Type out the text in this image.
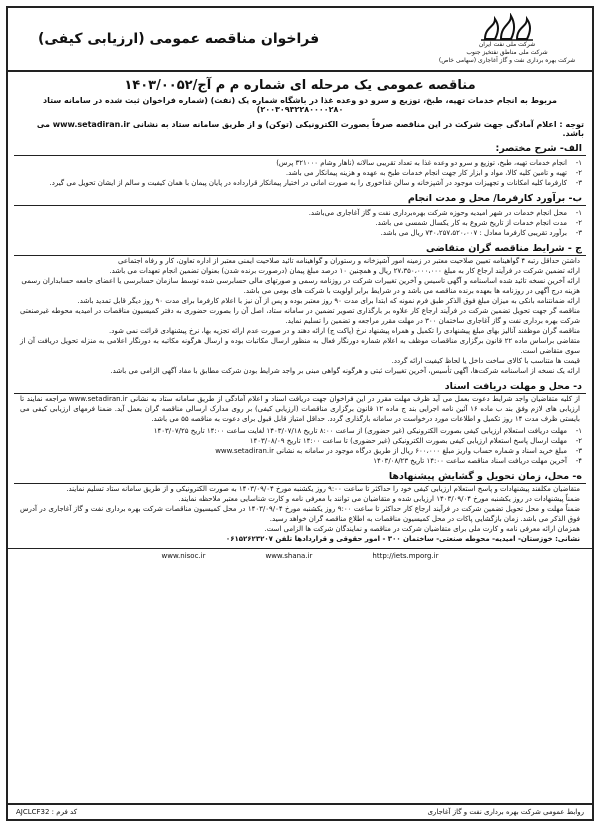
شرکت ملی نفت ایران
شرکت ملی مناطق نفتخیز جنوب
شرکت بهره برداری نفت و گاز آغاجاری (سهامی خاص)
فراخوان مناقصه عمومی (ارزیابی کیفی)
مناقصه عمومی یک مرحله ای شماره م م آج/۱۴۰۳/۰۰۵۲
مربوط به انجام خدمات تهیه، طبخ، توزیع و سرو دو وعده غذا در باشگاه شماره یک (نفت) (شماره فراخوان ثبت شده در سامانه ستاد ۲۰۰۳۰۹۳۲۲۸۰۰۰۰۲۸۰)
توجه : اعلام آمادگی جهت شرکت در این مناقصه صرفاً بصورت الکترونیکی (توکن) و از طریق سامانه ستاد به نشانی www.setadiran.ir می باشد.
الف- شرح مختصر:
۱-
انجام خدمات تهیه، طبخ، توزیع و سرو دو وعده غذا به تعداد تقریبی سالانه (ناهار وشام ۳۲۱۰۰۰ پرس)
۲-
تهیه و تامین کلیه کالا، مواد و ابزار کار جهت انجام خدمات طبخ به عهده و هزینه پیمانکار می باشد.
۳-
کارفرما کلیه امکانات و تجهیزات موجود در آشپزخانه و سالن غذاخوری را به صورت امانی در اختیار پیمانکار قرارداده در پایان پیمان با همان کیفیت و سالم از ایشان تحویل می گیرد.
ب- برآورد کارفرما/ محل و مدت انجام
۱-
محل انجام خدمات در شهر امیدیه وحوزه شرکت بهره‌برداری نفت و گاز آغاجاری می‌باشد.
۲-
مدت انجام خدمات از تاریخ شروع به کار یکسال شمسی می باشد.
۳-
برآورد تقریبی کارفرما معادل : ۷۴۰،۲۵۷،۵۲۰،۰۰۷ ریال می باشد.
ج - شرایط مناقصه گران متقاضی
داشتن حداقل رتبه ۴ گواهینامه تعیین صلاحیت معتبر در زمینه امور آشپزخانه و رستوران و گواهینامه تائید صلاحیت ایمنی معتبر از اداره تعاون، کار و رفاه اجتماعی
ارائه تضمین شرکت در فرآیند ارجاع کار به مبلغ ۲۷،۳۵۰،۰۰۰،۰۰۰ ریال و همچنین ۱۰ درصد مبلغ پیمان (درصورت برنده شدن) بعنوان تضمین انجام تعهدات می باشد.
ارائه آخرین نسخه تائید شده اساسنامه و آگهی تاسیس و آخرین تغییرات شرکت در روزنامه رسمی و صورتهای مالی حسابرسی شده توسط سازمان حسابرسی یا اعضای جامعه حسابداران رسمی
هزینه درج آگهی در روزنامه ها بعهده برنده مناقصه می باشد و در شرایط برابر اولویت با شرکت های بومی می باشد.
ارائه ضمانتنامه بانکی به میزان مبلغ فوق الذکر طبق فرم نمونه که ابتدا برای مدت ۹۰ روز معتبر بوده و پس از آن نیز با اعلام کارفرما برای مدت ۹۰ روز دیگر قابل تمدید باشد.
مناقصه گر جهت تحویل تضمین شرکت در فرآیند ارجاع کار علاوه بر بارگذاری تصویر تضمین در سامانه ستاد، اصل آن را بصورت حضوری به دفتر کمیسیون مناقصات در امیدیه محوطه غیرصنعتی شرکت بهره برداری نفت و گاز آغاجاری ساختمان ۳۰۰ در مهلت مقرر مراجعه و تضمین را تسلیم نماید.
مناقصه گران موظفند آنالیز بهای مبلغ پیشنهادی را تکمیل و همراه پیشنهاد نرخ (پاکت ج) ارائه دهند و در صورت عدم ارائه تجزیه بها، نرخ پیشنهادی قرائت نمی شود.
متقاضی براساس ماده ۲۲ قانون برگزاری مناقصات موظف به اعلام شماره دورنگار فعال به منظور ارسال مکاتبات بوده و ارسال هرگونه مکاتبه به دورنگار اعلامی به منزله تحویل دریافت آن از سوی متقاضی است.
قیمت ها متناسب با کالای ساخت داخل یا لحاظ کیفیت ارائه گردد.
ارائه یک نسخه از اساسنامه شرکت‌ها، آگهی تأسیس، آخرین تغییرات ثبتی و هرگونه گواهی مبنی بر واجد شرایط بودن شرکت مطابق با مفاد آگهی الزامی می باشد.
د- محل و مهلت دریافت اسناد
از کلیه متقاضیان واجد شرایط دعوت بعمل می آید ظرف مهلت مقرر در این فراخوان جهت دریافت اسناد و اعلام آمادگی از طریق سامانه ستاد به نشانی www.setadiran.ir مراجعه نمایند تا ارزیابی های لازم وفق بند ب ماده ۱۶ آئین نامه اجرایی بند ج ماده ۱۲ قانون برگزاری مناقصات (ارزیابی کیفی) بر روی مدارک ارسالی مناقصه گران بعمل آید. ضمنا فرمهای ارزیابی کیفی می بایستی ظرف مدت ۱۴ روز تکمیل و اطلاعات مورد درخواست در سامانه بارگذاری گردد. حداقل امتیاز قابل قبول برای دعوت به مناقصه ۵۵ می باشد.
۱-
مهلت دریافت استعلام ارزیابی کیفی بصورت الکترونیکی (غیر حضوری) از ساعت ۸:۰۰ تاریخ ۱۴۰۳/۰۷/۱۸ لغایت ساعت ۱۴:۰۰ تاریخ ۱۴۰۳/۰۷/۲۵
۲-
مهلت ارسال پاسخ استعلام ارزیابی کیفی بصورت الکترونیکی (غیر حضوری) تا ساعت ۱۴:۰۰ تاریخ ۱۴۰۳/۰۸/۰۹
۳-
مبلغ خرید اسناد و شماره حساب واریز مبلغ ۶۰۰،۰۰۰ ریال از طریق درگاه موجود در سامانه به نشانی www.setadiran.ir
۴-
آخرین مهلت دریافت اسناد مناقصه ساعت ۱۴:۰۰ تاریخ ۱۴۰۳/۰۸/۲۳
ه- محل، زمان تحویل و گشایش پیشنهادها
متقاضیان مکلفند پیشنهادات و پاسخ استعلام ارزیابی کیفی خود را حداکثر تا ساعت ۹:۰۰ روز یکشنبه مورخ ۱۴۰۳/۰۹/۰۴ به صورت الکترونیکی و از طریق سامانه ستاد تسلیم نمایند.
ضمناً پیشنهادات در روز یکشنبه مورخ ۱۴۰۳/۰۹/۰۴ ارزیابی شده و متقاضیان می توانند با معرفی نامه و کارت شناسایی معتبر ملاحظه نمایند.
ضمناً مهلت و محل تحویل تضمین شرکت در فرآیند ارجاع کار حداکثر تا ساعت ۹:۰۰ روز یکشنبه مورخ ۱۴۰۳/۰۹/۰۴ در محل کمیسیون مناقصات شرکت بهره برداری نفت و گاز آغاجاری در آدرس فوق الذکر می باشد. زمان بازگشایی پاکات در محل کمیسیون مناقصات به اطلاع مناقصه گران خواهد رسید.
همزمان ارائه معرفی نامه و کارت ملی برای متقاضیان شرکت در مناقصه و نمایندگان شرکت ها الزامی است.
نشانی: خوزستان- امیدیه- محوطه صنعتی- ساختمان ۳۰۰ - امور حقوقی و قراردادها تلفن ۰۶۱۵۲۶۲۳۲۰۷
http://iets.mporg.ir
www.shana.ir
www.nisoc.ir
روابط عمومی شرکت بهره برداری نفت و گاز آغاجاری
AJCLCF32 : کد فرم
